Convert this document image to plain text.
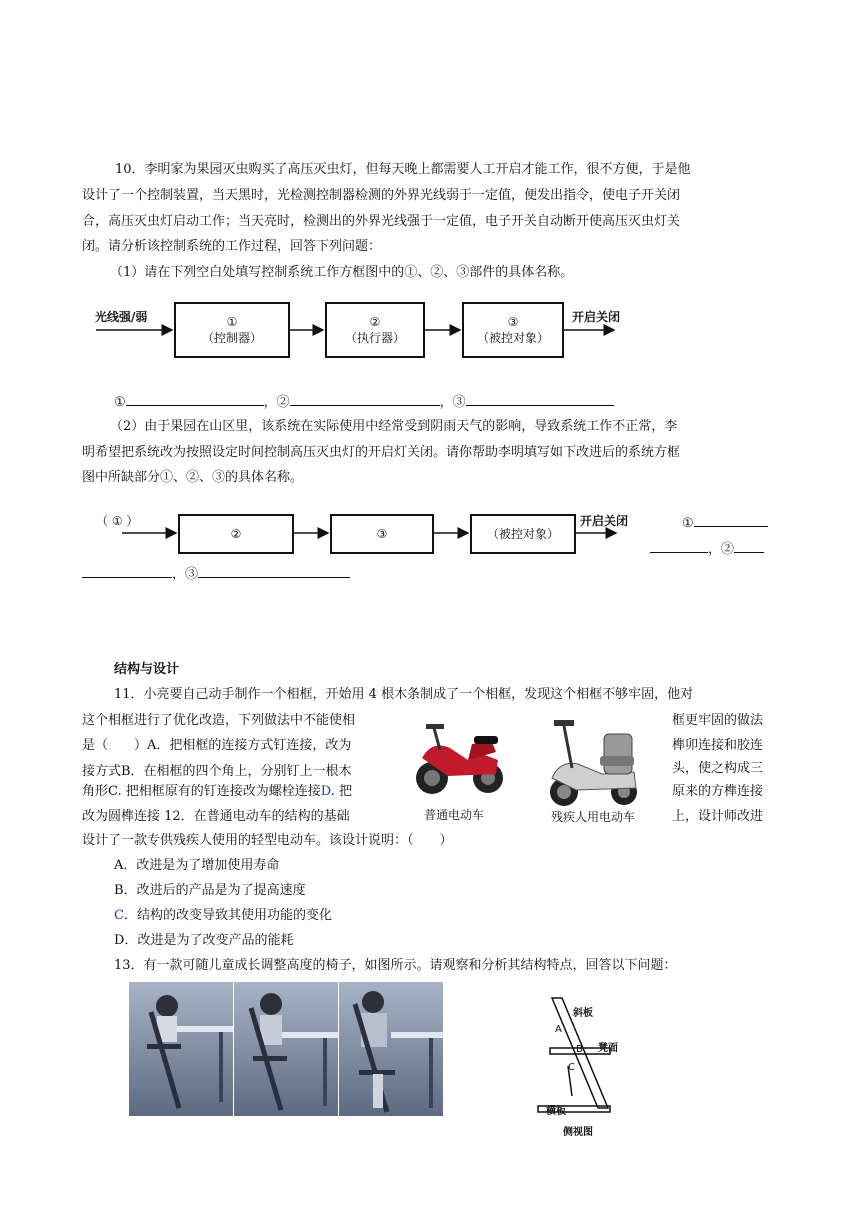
10．李明家为果园灭虫购买了高压灭虫灯，但每天晚上都需要人工开启才能工作，很不方便，于是他
设计了一个控制装置，当天黑时，光检测控制器检测的外界光线弱于一定值，便发出指令，使电子开关闭
合，高压灭虫灯启动工作；当天亮时，检测出的外界光线强于一定值，电子开关自动断开使高压灭虫灯关
闭。请分析该控制系统的工作过程，回答下列问题：
（1）请在下列空白处填写控制系统工作方框图中的①、②、③部件的具体名称。
光线强/弱	①
（控制器）
②
（执行器）
③
（被控对象）
开启关闭
①	，②	，③
（2）由于果园在山区里，该系统在实际使用中经常受到阴雨天气的影响，导致系统工作不正常，李
明希望把系统改为按照设定时间控制高压灭虫灯的开启灯关闭。请你帮助李明填写如下改进后的系统方框
图中所缺部分①、②、③的具体名称。
（ ① ）
②	③	（被控对象）
开启关闭	①
，②
，③
结构与设计
11．小亮要自己动手制作一个相框，开始用 4 根木条制成了一个相框，发现这个相框不够牢固，他对
这个相框进行了优化改造，下列做法中不能使相
是（　　）A．把相框的连接方式钉连接，改为
接方式B．在相框的四个角上，分别钉上一根木
角形C. 把相框原有的钉连接改为螺栓连接D. 把
改为圆榫连接 12．在普通电动车的结构的基础
设计了一款专供残疾人使用的轻型电动车。该设计说明：（　　）
框更牢固的做法
榫卯连接和胶连
头，使之构成三
原来的方榫连接
上，设计师改进
普通电动车	残疾人用电动车
A．改进是为了增加使用寿命
B．改进后的产品是为了提高速度
C．结构的改变导致其使用功能的变化
D．改进是为了改变产品的能耗
13．有一款可随儿童成长调整高度的椅子，如图所示。请观察和分析其结构特点，回答以下问题：
斜板
A
B 凳面
C
横板
侧视图
